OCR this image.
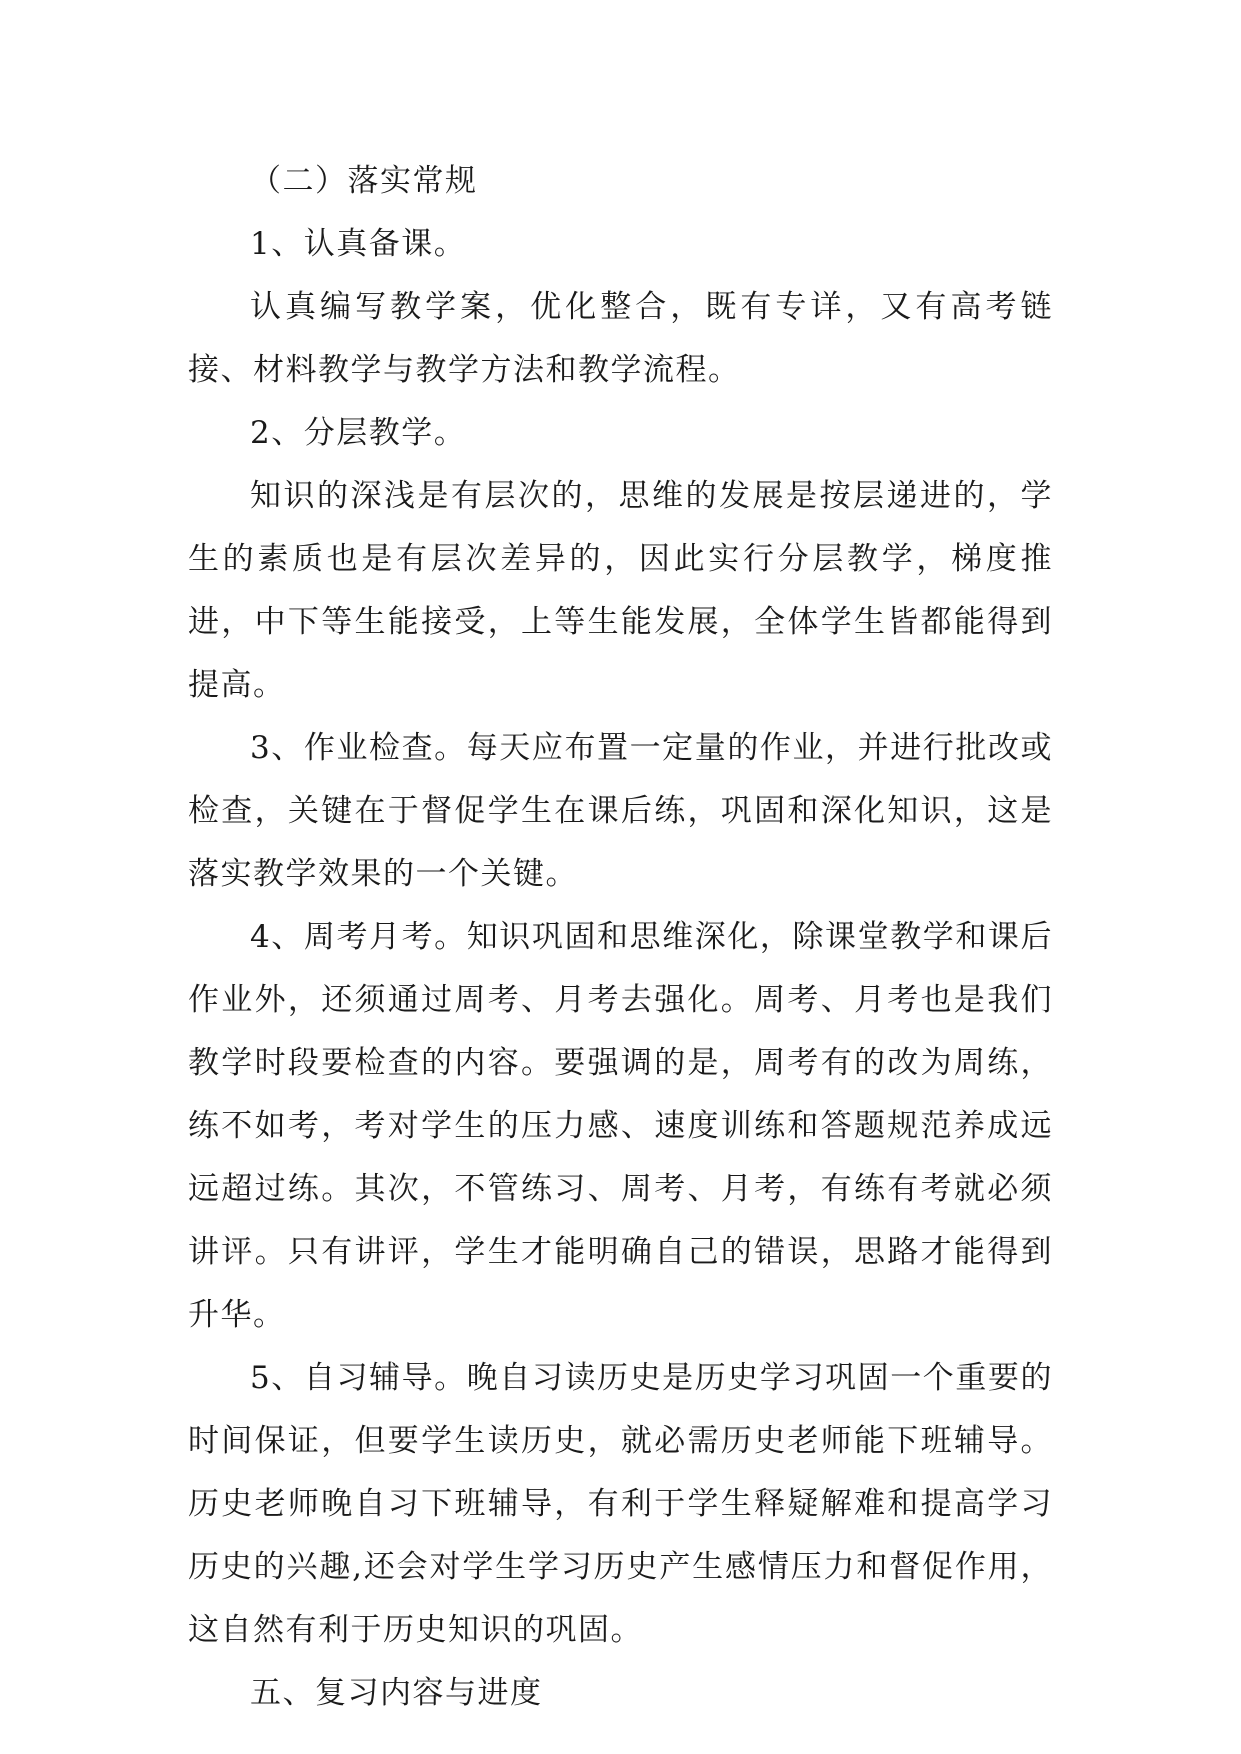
（二）落实常规

1、认真备课。

认真编写教学案，优化整合，既有专详，又有高考链接、材料教学与教学方法和教学流程。

2、分层教学。

知识的深浅是有层次的，思维的发展是按层递进的，学生的素质也是有层次差异的，因此实行分层教学，梯度推进，中下等生能接受，上等生能发展，全体学生皆都能得到提高。

3、作业检查。每天应布置一定量的作业，并进行批改或检查，关键在于督促学生在课后练，巩固和深化知识，这是落实教学效果的一个关键。

4、周考月考。知识巩固和思维深化，除课堂教学和课后作业外，还须通过周考、月考去强化。周考、月考也是我们教学时段要检查的内容。要强调的是，周考有的改为周练，练不如考，考对学生的压力感、速度训练和答题规范养成远远超过练。其次，不管练习、周考、月考，有练有考就必须讲评。只有讲评，学生才能明确自己的错误，思路才能得到升华。

5、自习辅导。晚自习读历史是历史学习巩固一个重要的时间保证，但要学生读历史，就必需历史老师能下班辅导。历史老师晚自习下班辅导，有利于学生释疑解难和提高学习历史的兴趣,还会对学生学习历史产生感情压力和督促作用，这自然有利于历史知识的巩固。

五、复习内容与进度
